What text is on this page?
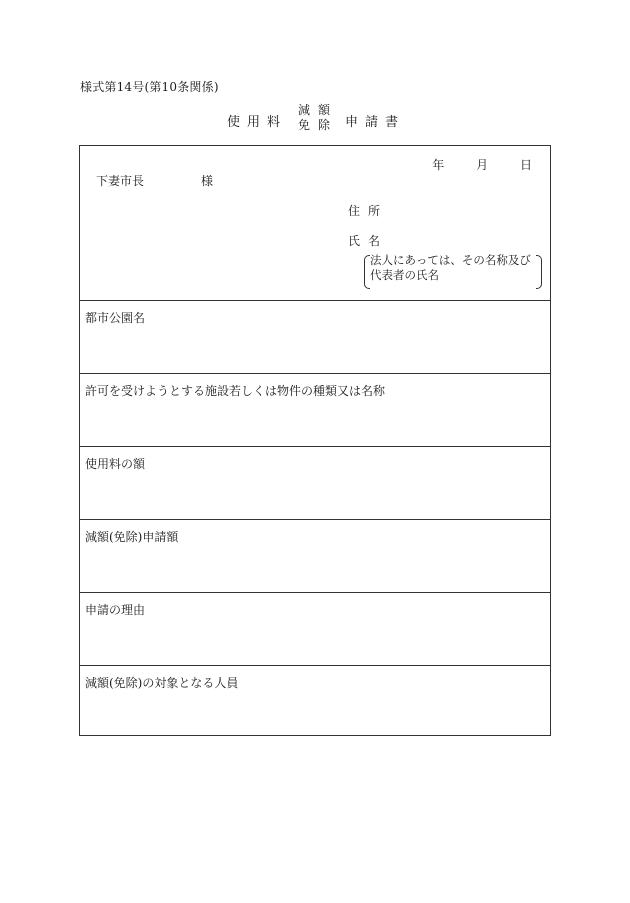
様式第14号(第10条関係)
使用料
減額
免除 申請書
年	月	日
下妻市長	様
住所
氏名
法人にあっては、その名称及び
代表者の氏名
都市公園名
許可を受けようとする施設若しくは物件の種類又は名称
使用料の額
減額(免除)申請額
申請の理由
減額(免除)の対象となる人員
